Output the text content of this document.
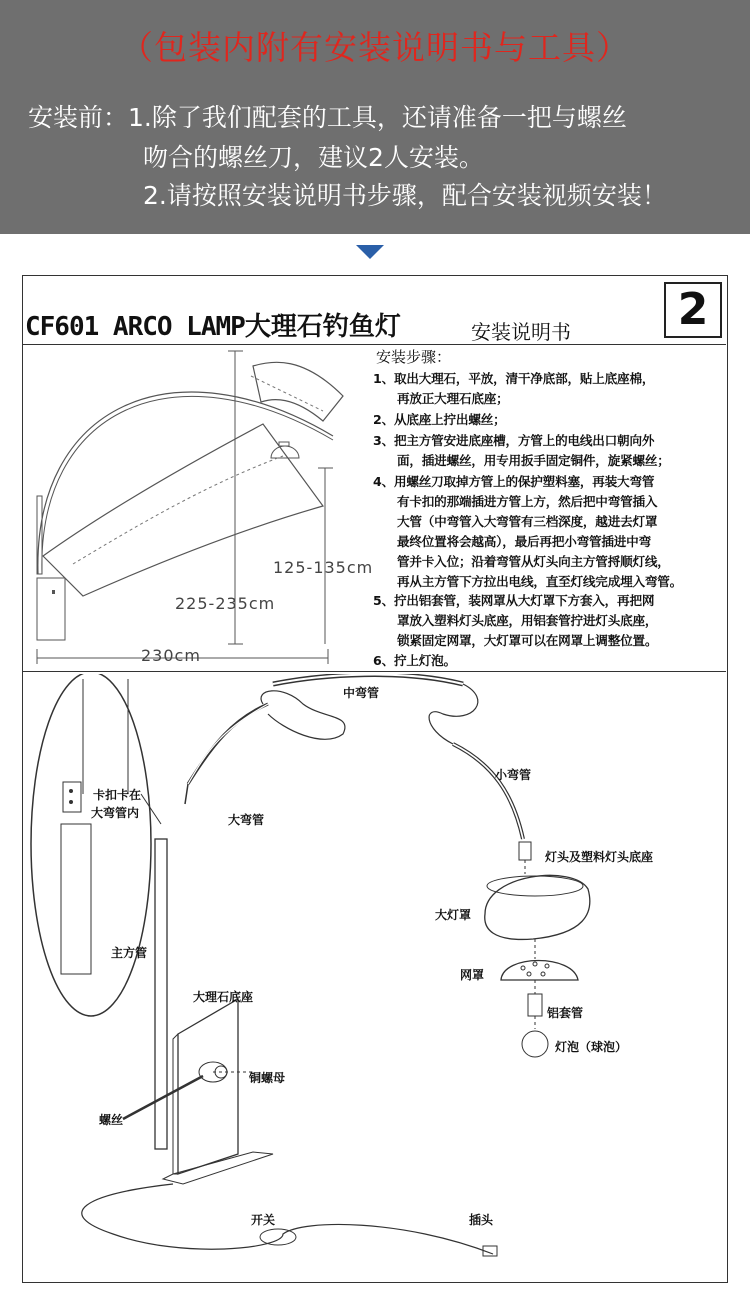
（包装内附有安装说明书与工具）
安装前：1.除了我们配套的工具，还请准备一把与螺丝
吻合的螺丝刀，建议2人安装。
2.请按照安装说明书步骤，配合安装视频安装！
CF601 ARCO LAMP大理石钓鱼灯	安装说明书	2
230cm
225-235cm
125-135cm
安装步骤：
1、取出大理石，平放，清干净底部，贴上底座棉，
再放正大理石底座；
2、从底座上拧出螺丝；
3、把主方管安进底座槽，方管上的电线出口朝向外
面，插进螺丝，用专用扳手固定铜件，旋紧螺丝；
4、用螺丝刀取掉方管上的保护塑料塞，再装大弯管
有卡扣的那端插进方管上方，然后把中弯管插入
大管（中弯管入大弯管有三档深度，越进去灯罩
最终位置将会越高），最后再把小弯管插进中弯
管并卡入位；沿着弯管从灯头向主方管捋顺灯线，
再从主方管下方拉出电线，直至灯线完成埋入弯管。
5、拧出铝套管，装网罩从大灯罩下方套入，再把网
罩放入塑料灯头底座，用铝套管拧进灯头底座，
锁紧固定网罩，大灯罩可以在网罩上调整位置。
6、拧上灯泡。
中弯管
小弯管
大弯管
卡扣卡在
大弯管内
灯头及塑料灯头底座
大灯罩
网罩
铝套管
灯泡（球泡）
主方管
大理石底座
铜螺母
螺丝
开关	插头
